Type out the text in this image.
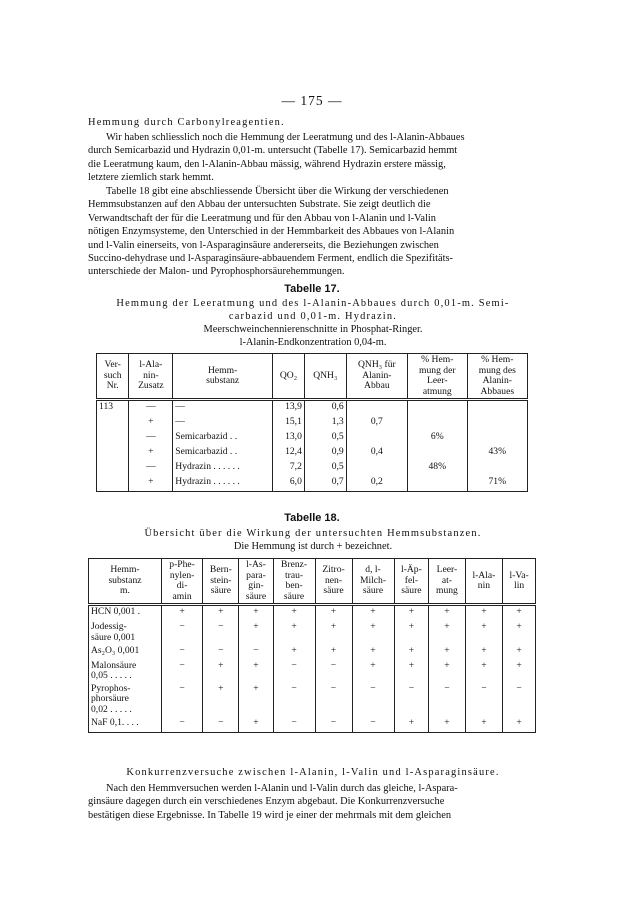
— 175 —
Hemmung durch Carbonylreagentien.
Wir haben schliesslich noch die Hemmung der Leeratmung und des l-Alanin-Abbaues
durch Semicarbazid und Hydrazin 0,01-m. untersucht (Tabelle 17). Semicarbazid hemmt
die Leeratmung kaum, den l-Alanin-Abbau mässig, während Hydrazin erstere mässig,
letztere ziemlich stark hemmt.
Tabelle 18 gibt eine abschliessende Übersicht über die Wirkung der verschiedenen
Hemmsubstanzen auf den Abbau der untersuchten Substrate. Sie zeigt deutlich die
Verwandtschaft der für die Leeratmung und für den Abbau von l-Alanin und l-Valin
nötigen Enzymsysteme, den Unterschied in der Hemmbarkeit des Abbaues von l-Alanin
und l-Valin einerseits, von l-Asparaginsäure andererseits, die Beziehungen zwischen
Succino-dehydrase und l-Asparaginsäure-abbauendem Ferment, endlich die Spezifitäts-
unterschiede der Malon- und Pyrophosphorsäurehemmungen.
Tabelle 17.
Hemmung der Leeratmung und des l-Alanin-Abbaues durch 0,01-m. Semi-
carbazid und 0,01-m. Hydrazin.
Meerschweinchennierenschnitte in Phosphat-Ringer.
l-Alanin-Endkonzentration 0,04-m.
Ver-
such
Nr.	l-Ala-
nin-
Zusatz	Hemm-
substanz	QO₂	QNH₃	QNH₃ für
Alanin-
Abbau	% Hem-
mung der
Leer-
atmung	% Hem-
mung des
Alanin-
Abbaues
113	—	—	13,9	0,6			
	+	—	15,1	1,3	0,7		
	—	Semicarbazid . .	13,0	0,5		6%	
	+	Semicarbazid . .	12,4	0,9	0,4		43%
	—	Hydrazin . . . . . .	7,2	0,5		48%	
	+	Hydrazin . . . . . .	6,0	0,7	0,2		71%
Tabelle 18.
Übersicht über die Wirkung der untersuchten Hemmsubstanzen.
Die Hemmung ist durch + bezeichnet.
Hemm-
substanz
m.	p-Phe-
nylen-
di-
amin	Bern-
stein-
säure	l-As-
para-
gin-
säure	Brenz-
trau-
ben-
säure	Zitro-
nen-
säure	d, l-
Milch-
säure	l-Äp-
fel-
säure	Leer-
at-
mung	l-Ala-
nin	l-Va-
lin
HCN 0,001 .	+	+	+	+	+	+	+	+	+	+
Jodessig-
säure 0,001	−	−	+	+	+	+	+	+	+	+
As₂O₃ 0,001	−	−	−	+	+	+	+	+	+	+
Malonsäure
0,05 . . . . .	−	+	+	−	−	+	+	+	+	+
Pyrophos-
phorsäure
0,02 . . . . .	−	+	+	−	−	−	−	−	−	−
NaF 0,1. . . .	−	−	+	−	−	−	+	+	+	+
Konkurrenzversuche zwischen l-Alanin, l-Valin und l-Asparaginsäure.
Nach den Hemmversuchen werden l-Alanin und l-Valin durch das gleiche, l-Aspara-
ginsäure dagegen durch ein verschiedenes Enzym abgebaut. Die Konkurrenzversuche
bestätigen diese Ergebnisse. In Tabelle 19 wird je einer der mehrmals mit dem gleichen
